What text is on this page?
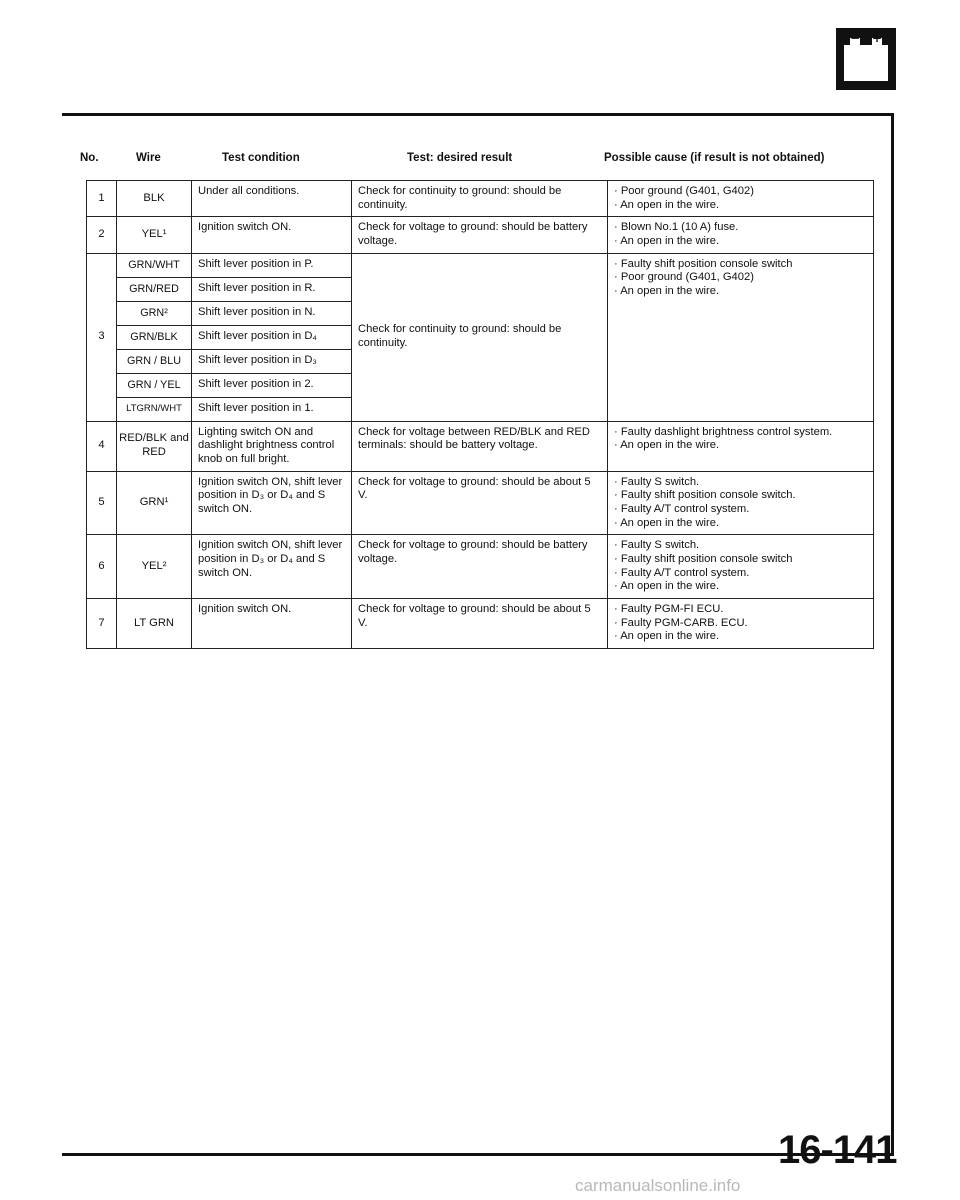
− +
No.	Wire	Test condition	Test: desired result	Possible cause (if result is not obtained)
1	BLK	Under all conditions.	Check for continuity to ground: should be continuity.	· Poor ground (G401, G402)
· An open in the wire.

2	YEL¹	Ignition switch ON.	Check for voltage to ground: should be battery voltage.	· Blown No.1 (10 A) fuse.
· An open in the wire.

3	GRN/WHT	Shift lever position in P.	Check for continuity to ground: should be continuity.	· Faulty shift position console switch
· Poor ground (G401, G402)
· An open in the wire.

	GRN/RED	Shift lever position in R.		
	GRN²	Shift lever position in N.		
	GRN/BLK	Shift lever position in D₄		
	GRN / BLU	Shift lever position in D₃		
	GRN / YEL	Shift lever position in 2.		
	LTGRN/WHT	Shift lever position in 1.		
4	RED/BLK and RED	Lighting switch ON and dashlight brightness control knob on full bright.	Check for voltage between RED/BLK and RED terminals: should be battery voltage.	· Faulty dashlight brightness control system.
· An open in the wire.

5	GRN¹	Ignition switch ON, shift lever position in D₃ or D₄ and S switch ON.	Check for voltage to ground: should be about 5 V.	· Faulty S switch.
· Faulty shift position console switch.
· Faulty A/T control system.
· An open in the wire.

6	YEL²	Ignition switch ON, shift lever position in D₃ or D₄ and S switch ON.	Check for voltage to ground: should be battery voltage.	· Faulty S switch.
· Faulty shift position console switch
· Faulty A/T control system.
· An open in the wire.

7	LT GRN	Ignition switch ON.	Check for voltage to ground: should be about 5 V.	· Faulty PGM-FI ECU.
· Faulty PGM-CARB. ECU.
· An open in the wire.
16-141
carmanualsonline.info
